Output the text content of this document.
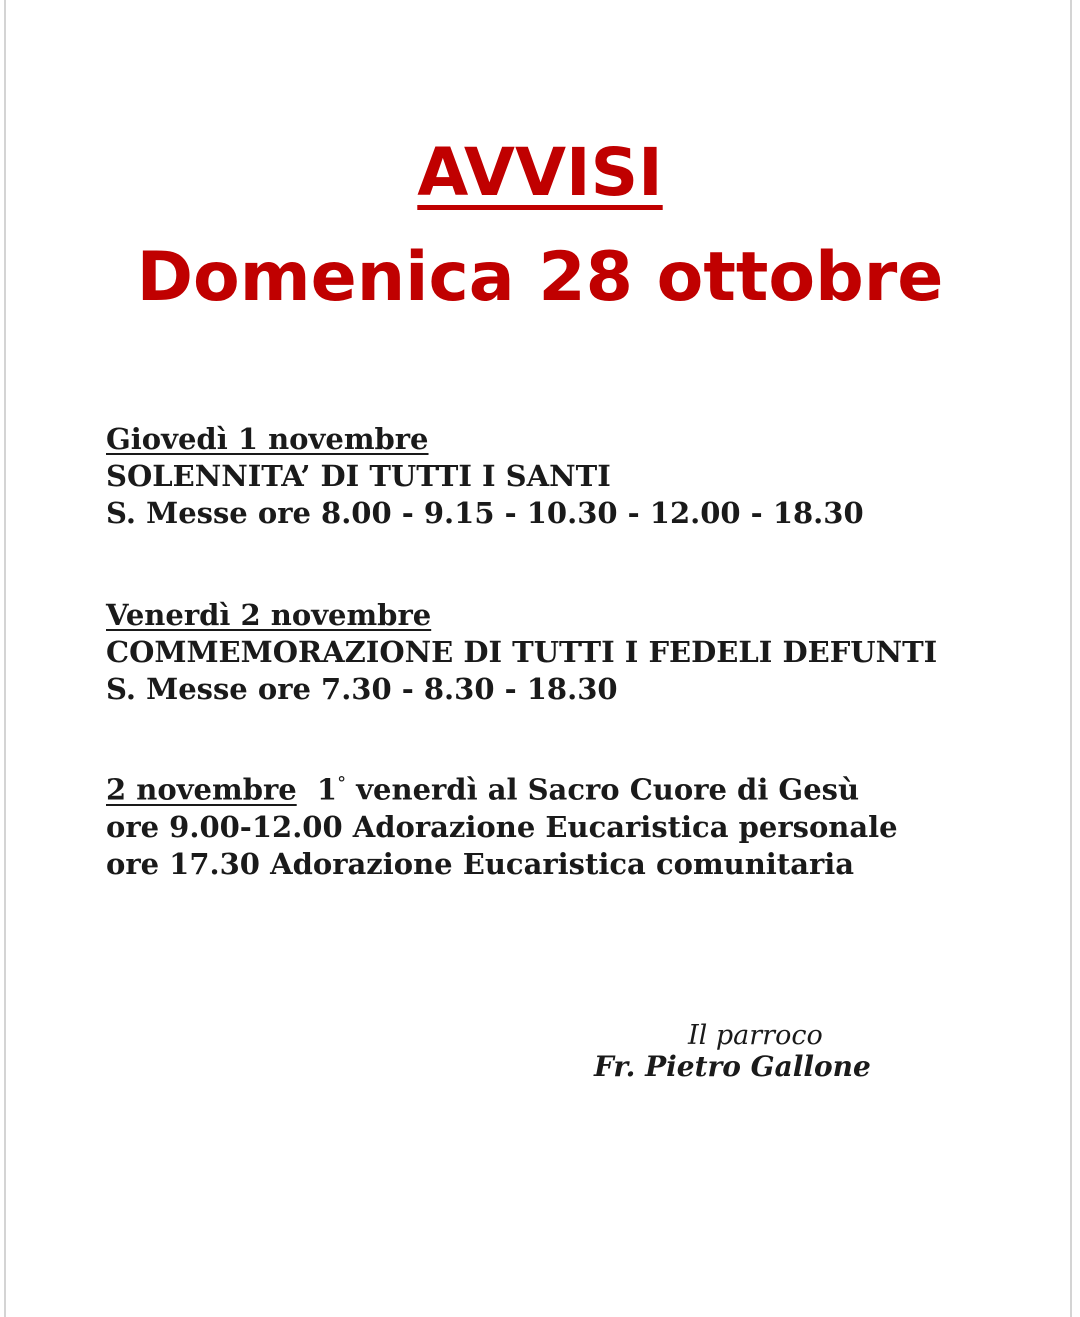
AVVISI
Domenica 28 ottobre
Giovedì 1 novembre
SOLENNITA’ DI TUTTI I SANTI
S. Messe ore 8.00 - 9.15 - 10.30 - 12.00 - 18.30
Venerdì 2 novembre
COMMEMORAZIONE DI TUTTI I FEDELI DEFUNTI
S. Messe ore 7.30 - 8.30 - 18.30
2 novembre 1° venerdì al Sacro Cuore di Gesù
ore 9.00-12.00 Adorazione Eucaristica personale
ore 17.30 Adorazione Eucaristica comunitaria
Il parroco
Fr. Pietro Gallone
